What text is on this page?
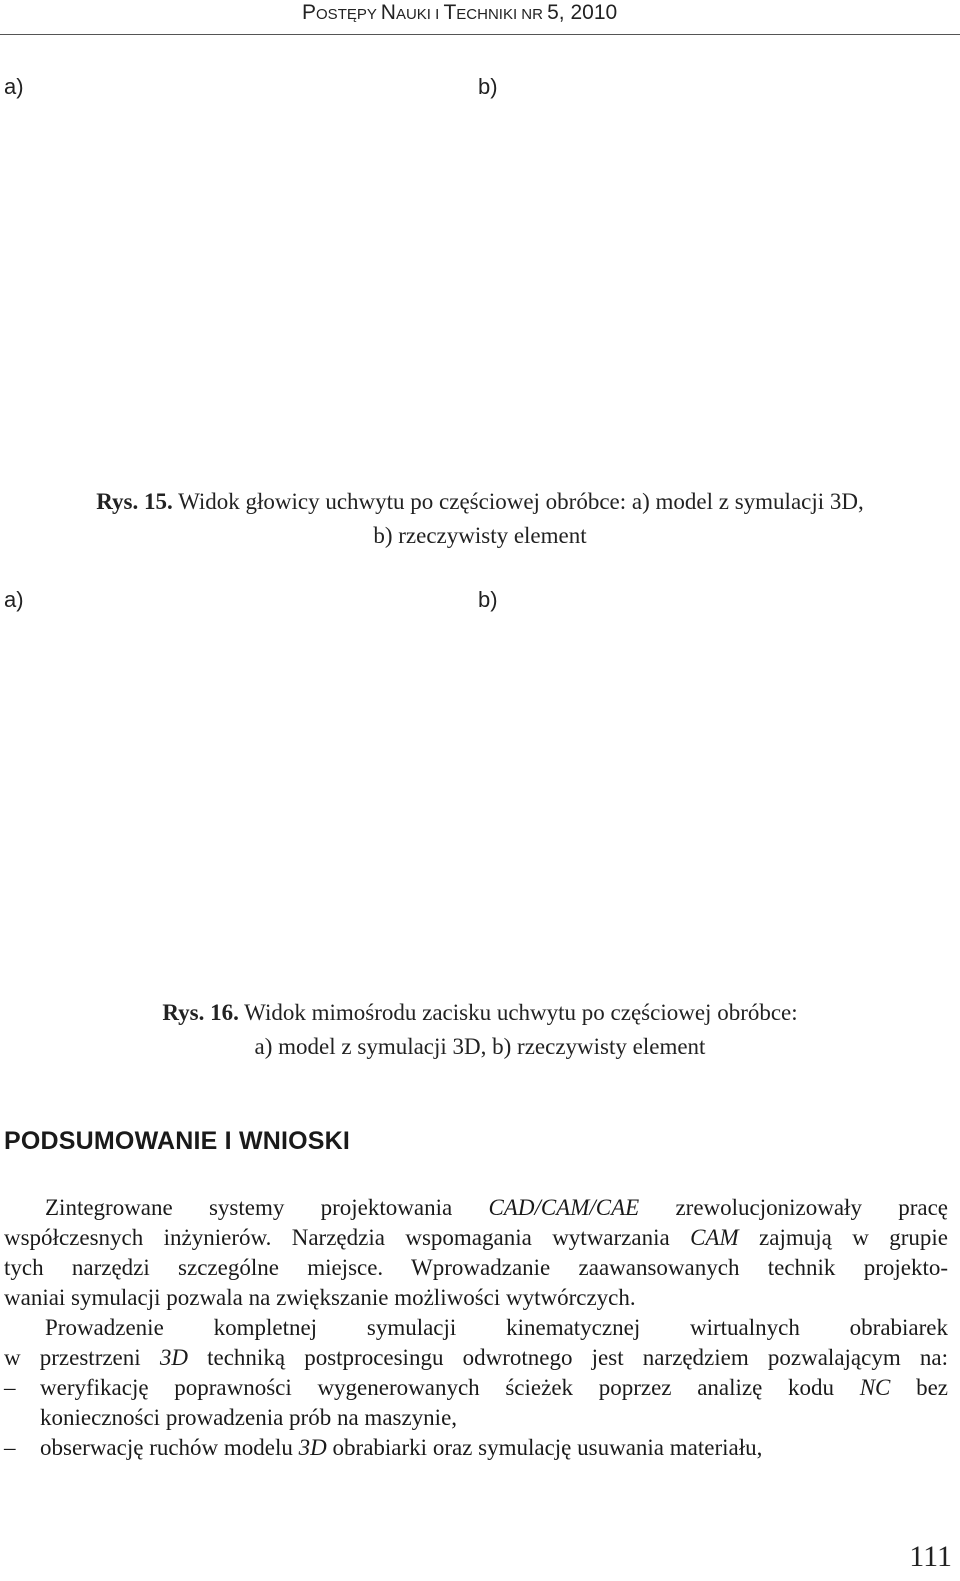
POSTĘPY NAUKI I TECHNIKI NR 5, 2010
a)	b)
Rys. 15. Widok głowicy uchwytu po częściowej obróbce: a) model z symulacji 3D,
b) rzeczywisty element
a)	b)
Rys. 16. Widok mimośrodu zacisku uchwytu po częściowej obróbce:
a) model z symulacji 3D, b) rzeczywisty element
PODSUMOWANIE I WNIOSKI
Zintegrowane systemy projektowania CAD/CAM/CAE zrewolucjonizowały pracę
współczesnych inżynierów. Narzędzia wspomagania wytwarzania CAM zajmują w grupie
tych narzędzi szczególne miejsce. Wprowadzanie zaawansowanych technik projekto-
waniai symulacji pozwala na zwiększanie możliwości wytwórczych.
Prowadzenie kompletnej symulacji kinematycznej wirtualnych obrabiarek
w przestrzeni 3D techniką postprocesingu odwrotnego jest narzędziem pozwalającym na:
– weryfikację poprawności wygenerowanych ścieżek poprzez analizę kodu NC bez
konieczności prowadzenia prób na maszynie,
– obserwację ruchów modelu 3D obrabiarki oraz symulację usuwania materiału,
111
